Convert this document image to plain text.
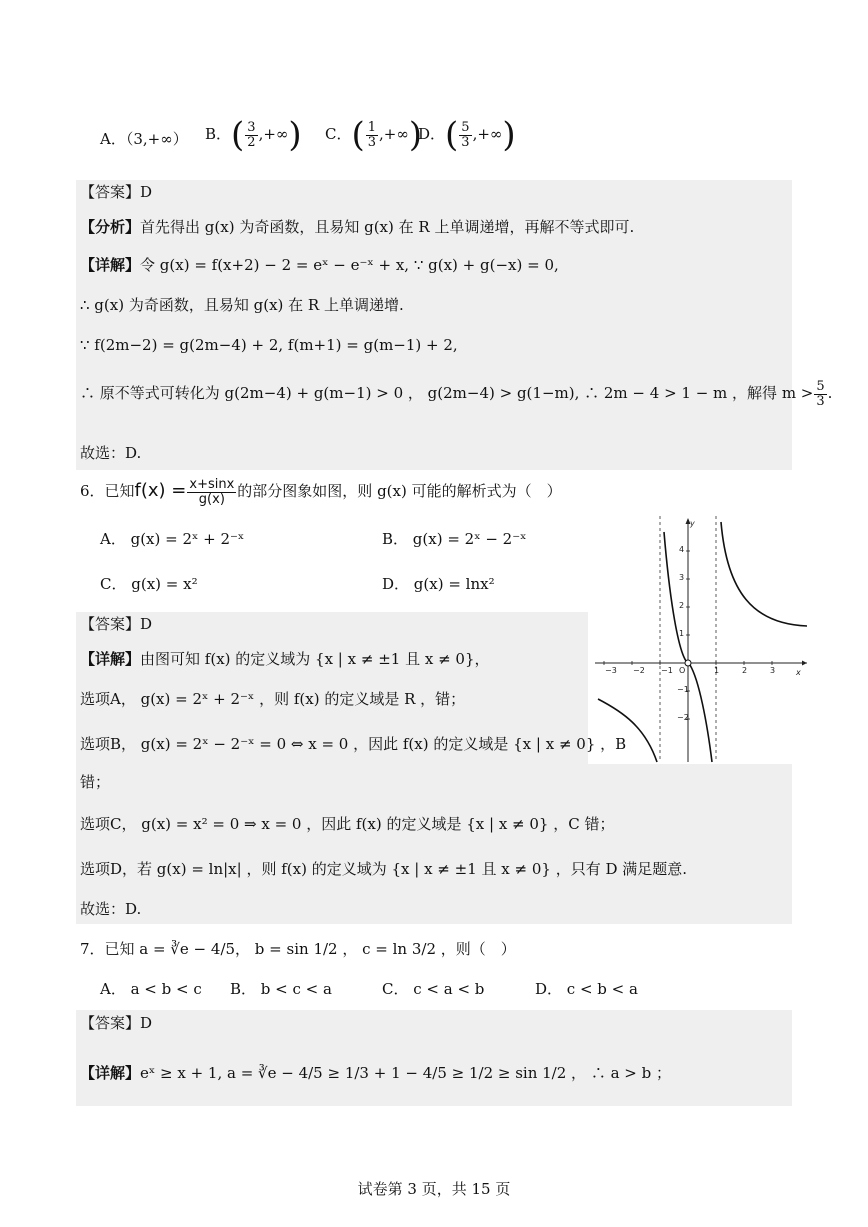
A．（3,+∞） B．( $\frac{3}{2}$ ,+∞) C．( $\frac{1}{3}$ ,+∞)
D．( $\frac{5}{3}$ ,+∞)
【答案】D
【分析】首先得出 g(x) 为奇函数，且易知 g(x) 在 R 上单调递增，再解不等式即可.
【详解】令 g(x) = f(x+2) − 2 = eˣ − e⁻ˣ + x, ∵ g(x) + g(−x) = 0,
∴ g(x) 为奇函数，且易知 g(x) 在 R 上单调递增.
∵ f(2m−2) = g(2m−4) + 2, f(m+1) = g(m−1) + 2,
∴ 原不等式可转化为 g(2m−4) + g(m−1) > 0 ， g(2m−4) > g(1−m), ∴ 2m − 4 > 1 − m ，解得 $m > \frac{5}{3}$ .
故选：D.
6．已知$f(x) = \frac{x+\sin x}{g(x)}$ 的部分图象如图，则 g(x) 可能的解析式为（　）
A． g(x) = 2ˣ + 2⁻ˣ	B． g(x) = 2ˣ − 2⁻ˣ
C． g(x) = x²	D． g(x) = lnx²
−3 −2 −1 O	1	2	3	x
4
3
2
1
−1
−2
y
【答案】D
【详解】由图可知 f(x) 的定义域为 {x | x ≠ ±1 且 x ≠ 0}，
选项A， g(x) = 2ˣ + 2⁻ˣ ，则 f(x) 的定义域是 R ，错；
选项B， g(x) = 2ˣ − 2⁻ˣ = 0 ⇔ x = 0 ，因此 f(x) 的定义域是 {x | x ≠ 0} ，B
错；
选项C， g(x) = x² = 0 ⇒ x = 0 ，因此 f(x) 的定义域是 {x | x ≠ 0} ，C 错；
选项D，若 g(x) = ln|x| ，则 f(x) 的定义域为 {x | x ≠ ±1 且 x ≠ 0} ，只有 D 满足题意.
故选：D.
7．已知 a = ∛e − 4/5， b = sin 1/2 ， c = ln 3/2 ，则（　）
A． a < b < c B． b < c < a	C． c < a < b	D． c < b < a
【答案】D
【详解】eˣ ≥ x + 1, a = ∛e − 4/5 ≥ 1/3 + 1 − 4/5 ≥ 1/2 ≥ sin 1/2 ， ∴ a > b ；
试卷第 3 页，共 15 页
